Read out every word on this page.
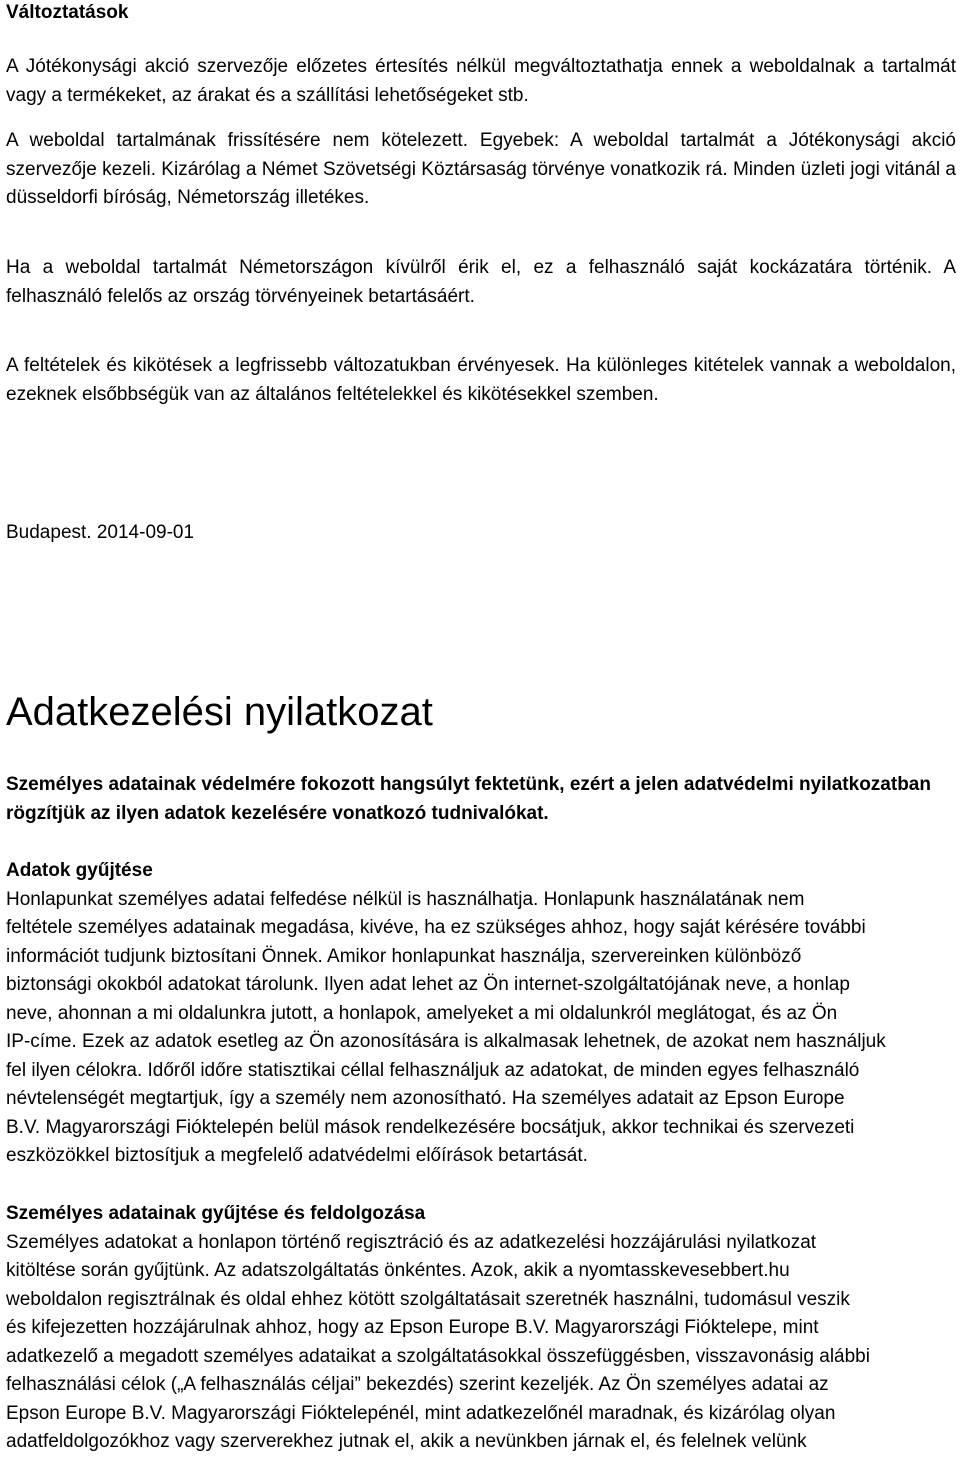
Változtatások

A Jótékonysági akció szervezője előzetes értesítés nélkül megváltoztathatja ennek a weboldalnak a tartalmát vagy a termékeket, az árakat és a szállítási lehetőségeket stb.

A weboldal tartalmának frissítésére nem kötelezett. Egyebek: A weboldal tartalmát a Jótékonysági akció szervezője kezeli. Kizárólag a Német Szövetségi Köztársaság törvénye vonatkozik rá. Minden üzleti jogi vitánál a düsseldorfi bíróság, Németország illetékes.

Ha a weboldal tartalmát Németországon kívülről érik el, ez a felhasználó saját kockázatára történik. A felhasználó felelős az ország törvényeinek betartásáért.

A feltételek és kikötések a legfrissebb változatukban érvényesek. Ha különleges kitételek vannak a weboldalon, ezeknek elsőbbségük van az általános feltételekkel és kikötésekkel szemben.

Budapest. 2014-09-01

Adatkezelési nyilatkozat

Személyes adatainak védelmére fokozott hangsúlyt fektetünk, ezért a jelen adatvédelmi nyilatkozatban rögzítjük az ilyen adatok kezelésére vonatkozó tudnivalókat.

Adatok gyűjtése
Honlapunkat személyes adatai felfedése nélkül is használhatja. Honlapunk használatának nem
feltétele személyes adatainak megadása, kivéve, ha ez szükséges ahhoz, hogy saját kérésére további
információt tudjunk biztosítani Önnek. Amikor honlapunkat használja, szervereinken különböző
biztonsági okokból adatokat tárolunk. Ilyen adat lehet az Ön internet-szolgáltatójának neve, a honlap
neve, ahonnan a mi oldalunkra jutott, a honlapok, amelyeket a mi oldalunkról meglátogat, és az Ön
IP-címe. Ezek az adatok esetleg az Ön azonosítására is alkalmasak lehetnek, de azokat nem használjuk
fel ilyen célokra. Időről időre statisztikai céllal felhasználjuk az adatokat, de minden egyes felhasználó
névtelenségét megtartjuk, így a személy nem azonosítható. Ha személyes adatait az Epson Europe
B.V. Magyarországi Fióktelepén belül mások rendelkezésére bocsátjuk, akkor technikai és szervezeti
eszközökkel biztosítjuk a megfelelő adatvédelmi előírások betartását.
Személyes adatainak gyűjtése és feldolgozása
Személyes adatokat a honlapon történő regisztráció és az adatkezelési hozzájárulási nyilatkozat
kitöltése során gyűjtünk. Az adatszolgáltatás önkéntes. Azok, akik a nyomtasskevesebbert.hu
weboldalon regisztrálnak és oldal ehhez kötött szolgáltatásait szeretnék használni, tudomásul veszik
és kifejezetten hozzájárulnak ahhoz, hogy az Epson Europe B.V. Magyarországi Fióktelepe, mint
adatkezelő a megadott személyes adataikat a szolgáltatásokkal összefüggésben, visszavonásig alábbi
felhasználási célok („A felhasználás céljai” bekezdés) szerint kezeljék. Az Ön személyes adatai az
Epson Europe B.V. Magyarországi Fióktelepénél, mint adatkezelőnél maradnak, és kizárólag olyan
adatfeldolgozókhoz vagy szerverekhez jutnak el, akik a nevünkben járnak el, és felelnek velünk
